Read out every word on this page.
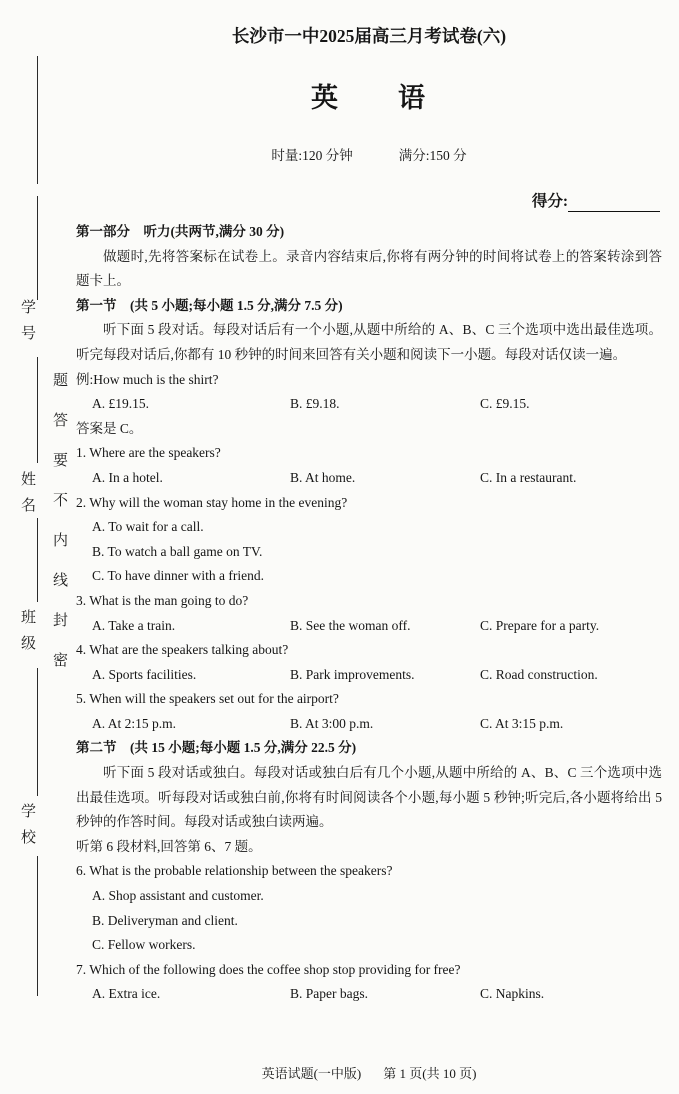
学号
姓名
班级
学校
题答要不内线封密
长沙市一中2025届高三月考试卷(六)
英　　语
时量:120 分钟	满分:150 分
得分:

第一部分　听力(共两节,满分 30 分)

做题时,先将答案标在试卷上。录音内容结束后,你将有两分钟的时间将试卷上的答案转涂到答题卡上。

第一节　(共 5 小题;每小题 1.5 分,满分 7.5 分)

听下面 5 段对话。每段对话后有一个小题,从题中所给的 A、B、C 三个选项中选出最佳选项。听完每段对话后,你都有 10 秒钟的时间来回答有关小题和阅读下一小题。每段对话仅读一遍。

例:How much is the shirt?

A. £19.15.	B. £9.18.	C. £9.15.

答案是 C。

1. Where are the speakers?

A. In a hotel.	B. At home.	C. In a restaurant.

2. Why will the woman stay home in the evening?

A. To wait for a call.

B. To watch a ball game on TV.

C. To have dinner with a friend.

3. What is the man going to do?

A. Take a train.	B. See the woman off.	C. Prepare for a party.

4. What are the speakers talking about?

A. Sports facilities.	B. Park improvements.	C. Road construction.

5. When will the speakers set out for the airport?

A. At 2:15 p.m.	B. At 3:00 p.m.	C. At 3:15 p.m.

第二节　(共 15 小题;每小题 1.5 分,满分 22.5 分)

听下面 5 段对话或独白。每段对话或独白后有几个小题,从题中所给的 A、B、C 三个选项中选出最佳选项。听每段对话或独白前,你将有时间阅读各个小题,每小题 5 秒钟;听完后,各小题将给出 5 秒钟的作答时间。每段对话或独白读两遍。

听第 6 段材料,回答第 6、7 题。

6. What is the probable relationship between the speakers?

A. Shop assistant and customer.

B. Deliveryman and client.

C. Fellow workers.

7. Which of the following does the coffee shop stop providing for free?

A. Extra ice.	B. Paper bags.	C. Napkins.
英语试题(一中版) 第 1 页(共 10 页)
